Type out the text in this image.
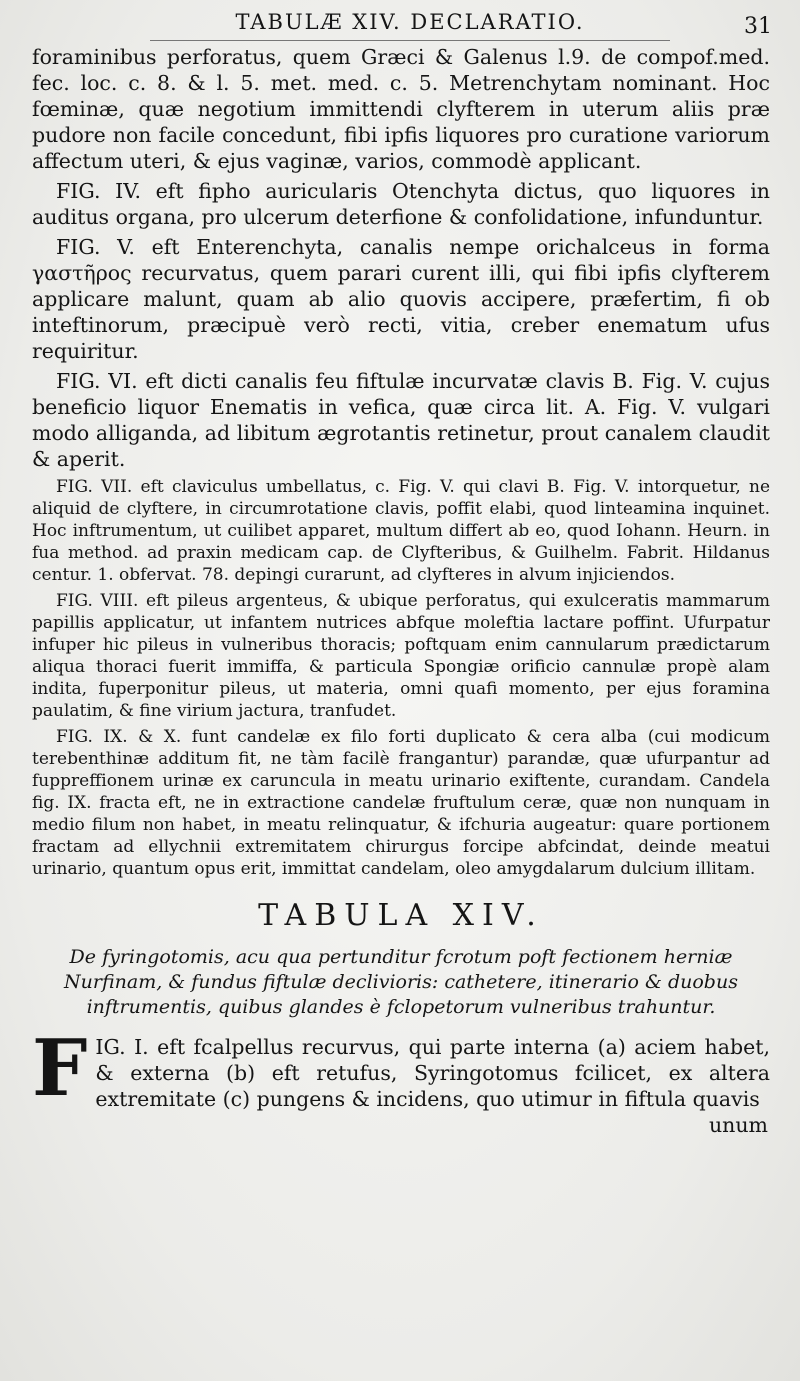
TABULÆ XIV. DECLARATIO.	31

foraminibus perforatus, quem Græci & Galenus l.9. de compof.med. fec. loc. c. 8. & l. 5. met. med. c. 5. Metrenchytam nominant. Hoc fœminæ, quæ negotium immittendi clyfterem in uterum aliis præ pudore non facile concedunt, fibi ipfis liquores pro curatione variorum affectum uteri, & ejus vaginæ, varios, commodè applicant.

FIG. IV. eft fipho auricularis Otenchyta dictus, quo liquores in auditus organa, pro ulcerum deterfione & confolidatione, infunduntur.

FIG. V. eft Enterenchyta, canalis nempe orichalceus in forma γαστῆρος recurvatus, quem parari curent illi, qui fibi ipfis clyfterem applicare malunt, quam ab alio quovis accipere, præfertim, fi ob inteftinorum, præcipuè verò recti, vitia, creber enematum ufus requiritur.

FIG. VI. eft dicti canalis feu fiftulæ incurvatæ clavis B. Fig. V. cujus beneficio liquor Enematis in vefica, quæ circa lit. A. Fig. V. vulgari modo alliganda, ad libitum ægrotantis retinetur, prout canalem claudit & aperit.

FIG. VII. eft claviculus umbellatus, c. Fig. V. qui clavi B. Fig. V. intorquetur, ne aliquid de clyftere, in circumrotatione clavis, poffit elabi, quod linteamina inquinet. Hoc inftrumentum, ut cuilibet apparet, multum differt ab eo, quod Iohann. Heurn. in fua method. ad praxin medicam cap. de Clyfteribus, & Guilhelm. Fabrit. Hildanus centur. 1. obfervat. 78. depingi curarunt, ad clyfteres in alvum injiciendos.

FIG. VIII. eft pileus argenteus, & ubique perforatus, qui exulceratis mammarum papillis applicatur, ut infantem nutrices abfque moleftia lactare poffint. Ufurpatur infuper hic pileus in vulneribus thoracis; poftquam enim cannularum prædictarum aliqua thoraci fuerit immiffa, & particula Spongiæ orificio cannulæ propè alam indita, fuperponitur pileus, ut materia, omni quafi momento, per ejus foramina paulatim, & fine virium jactura, tranfudet.

FIG. IX. & X. funt candelæ ex filo forti duplicato & cera alba (cui modicum terebenthinæ additum fit, ne tàm facilè frangantur) parandæ, quæ ufurpantur ad fuppreffionem urinæ ex caruncula in meatu urinario exiftente, curandam. Candela fig. IX. fracta eft, ne in extractione candelæ fruftulum ceræ, quæ non nunquam in medio filum non habet, in meatu relinquatur, & ifchuria augeatur: quare portionem fractam ad ellychnii extremitatem chirurgus forcipe abfcindat, deinde meatui urinario, quantum opus erit, immittat candelam, oleo amygdalarum dulcium illitam.

TABULA XIV.
De fyringotomis, acu qua pertunditur fcrotum poft fectionem herniæ Nurfinam, & fundus fiftulæ declivioris: cathetere, itinerario & duobus inftrumentis, quibus glandes è fclopetorum vulneribus trahuntur.
F IG. I. eft fcalpellus recurvus, qui parte interna (a) aciem habet, & externa (b) eft retufus, Syringotomus fcilicet, ex altera extremitate (c) pungens & incidens, quo utimur in fiftula quavis

unum
